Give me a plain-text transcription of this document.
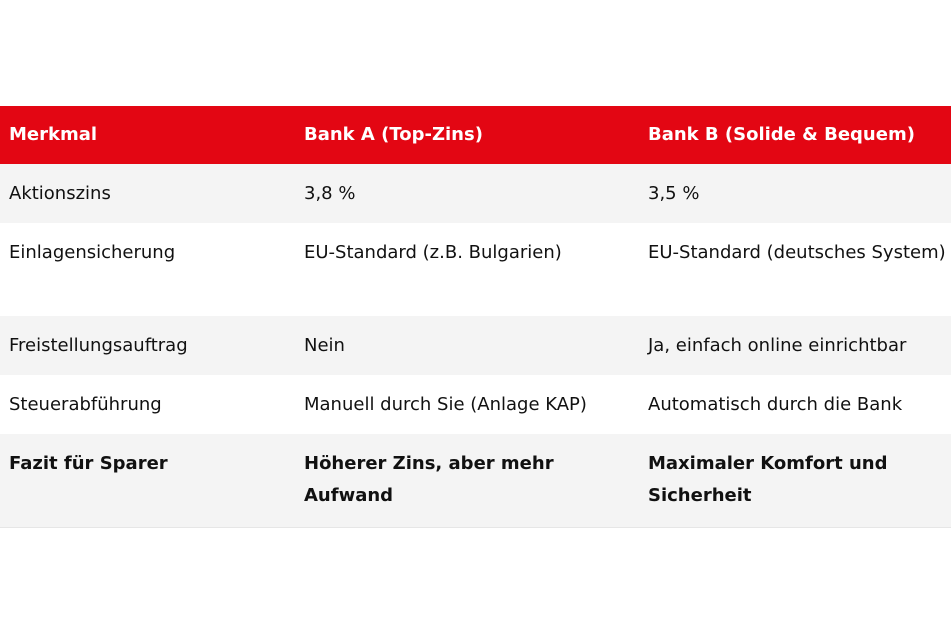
Merkmal	Bank A (Top-Zins)	Bank B (Solide & Bequem)
Aktionszins	3,8 %	3,5 %
Einlagensicherung	EU-Standard (z.B. Bulgarien)	EU-Standard (deutsches System)
Freistellungsauftrag	Nein	Ja, einfach online einrichtbar
Steuerabführung	Manuell durch Sie (Anlage KAP)	Automatisch durch die Bank
Fazit für Sparer	Höherer Zins, aber mehr Aufwand	Maximaler Komfort und Sicherheit
